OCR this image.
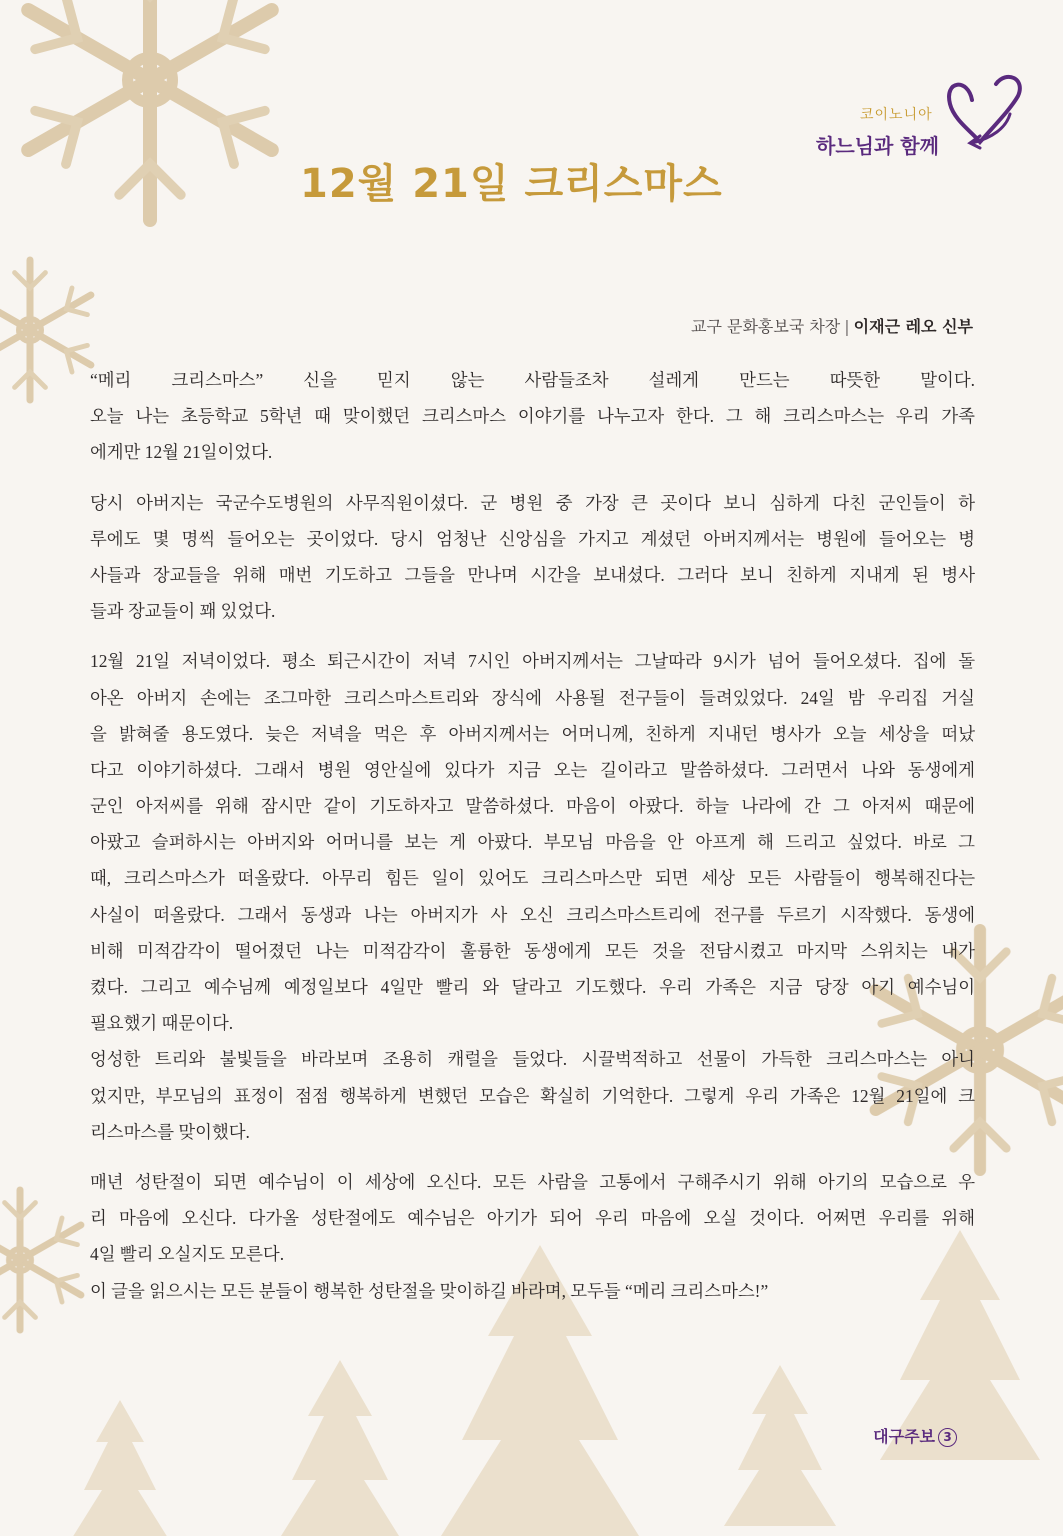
코이노니아
하느님과 함께
12월 21일 크리스마스
교구 문화홍보국 차장 | 이재근 레오 신부
“메리 크리스마스” 신을 믿지 않는 사람들조차 설레게 만드는 따뜻한 말이다.
오늘 나는 초등학교 5학년 때 맞이했던 크리스마스 이야기를 나누고자 한다. 그 해 크리스마스는 우리 가족
에게만 12월 21일이었다.
당시 아버지는 국군수도병원의 사무직원이셨다. 군 병원 중 가장 큰 곳이다 보니 심하게 다친 군인들이 하
루에도 몇 명씩 들어오는 곳이었다. 당시 엄청난 신앙심을 가지고 계셨던 아버지께서는 병원에 들어오는 병
사들과 장교들을 위해 매번 기도하고 그들을 만나며 시간을 보내셨다. 그러다 보니 친하게 지내게 된 병사
들과 장교들이 꽤 있었다.
12월 21일 저녁이었다. 평소 퇴근시간이 저녁 7시인 아버지께서는 그날따라 9시가 넘어 들어오셨다. 집에 돌
아온 아버지 손에는 조그마한 크리스마스트리와 장식에 사용될 전구들이 들려있었다. 24일 밤 우리집 거실
을 밝혀줄 용도였다. 늦은 저녁을 먹은 후 아버지께서는 어머니께, 친하게 지내던 병사가 오늘 세상을 떠났
다고 이야기하셨다. 그래서 병원 영안실에 있다가 지금 오는 길이라고 말씀하셨다. 그러면서 나와 동생에게
군인 아저씨를 위해 잠시만 같이 기도하자고 말씀하셨다. 마음이 아팠다. 하늘 나라에 간 그 아저씨 때문에
아팠고 슬퍼하시는 아버지와 어머니를 보는 게 아팠다. 부모님 마음을 안 아프게 해 드리고 싶었다. 바로 그
때, 크리스마스가 떠올랐다. 아무리 힘든 일이 있어도 크리스마스만 되면 세상 모든 사람들이 행복해진다는
사실이 떠올랐다. 그래서 동생과 나는 아버지가 사 오신 크리스마스트리에 전구를 두르기 시작했다. 동생에
비해 미적감각이 떨어졌던 나는 미적감각이 훌륭한 동생에게 모든 것을 전담시켰고 마지막 스위치는 내가
켰다. 그리고 예수님께 예정일보다 4일만 빨리 와 달라고 기도했다. 우리 가족은 지금 당장 아기 예수님이
필요했기 때문이다.
엉성한 트리와 불빛들을 바라보며 조용히 캐럴을 들었다. 시끌벅적하고 선물이 가득한 크리스마스는 아니
었지만, 부모님의 표정이 점점 행복하게 변했던 모습은 확실히 기억한다. 그렇게 우리 가족은 12월 21일에 크
리스마스를 맞이했다.
매년 성탄절이 되면 예수님이 이 세상에 오신다. 모든 사람을 고통에서 구해주시기 위해 아기의 모습으로 우
리 마음에 오신다. 다가올 성탄절에도 예수님은 아기가 되어 우리 마음에 오실 것이다. 어쩌면 우리를 위해
4일 빨리 오실지도 모른다.
이 글을 읽으시는 모든 분들이 행복한 성탄절을 맞이하길 바라며, 모두들 “메리 크리스마스!”
대구주보 3
